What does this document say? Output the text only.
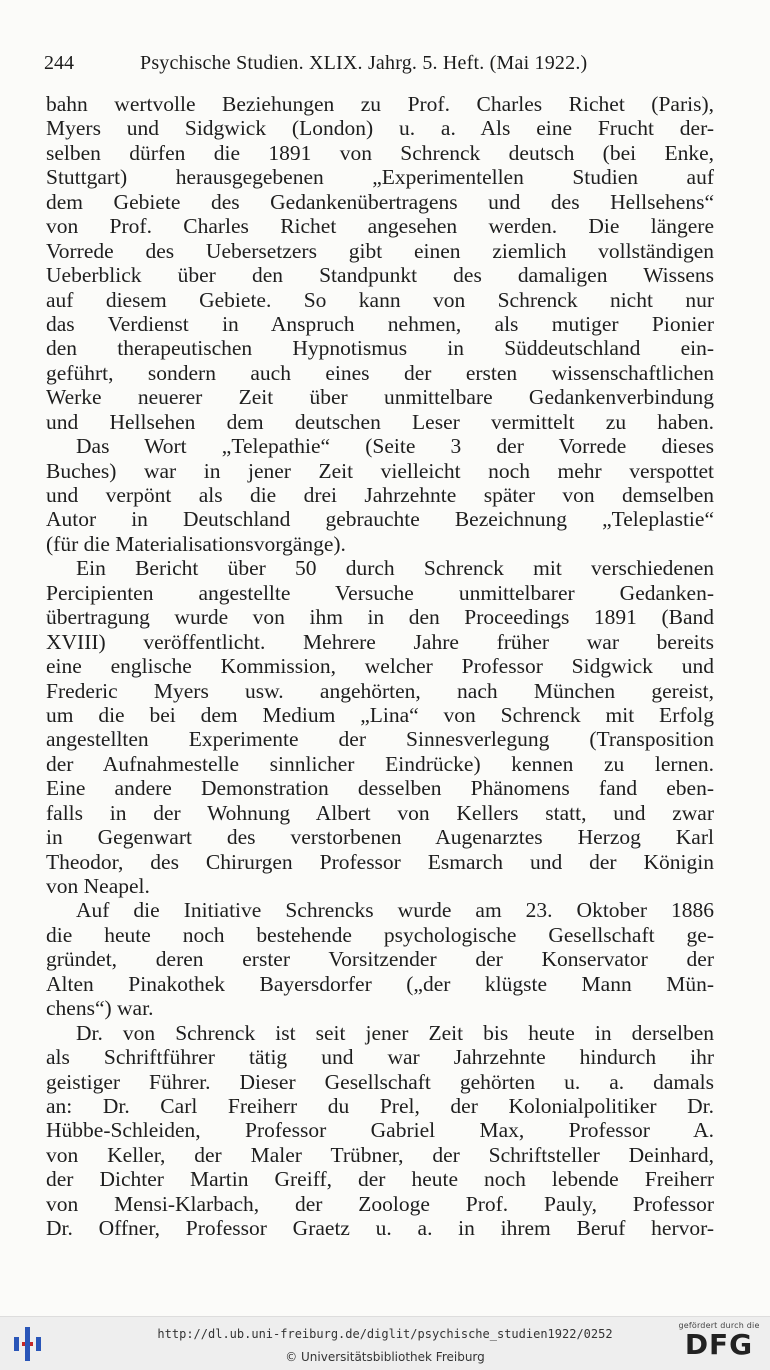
244	Psychische Studien. XLIX. Jahrg. 5. Heft. (Mai 1922.)
bahn wertvolle Beziehungen zu Prof. Charles Richet (Paris),
Myers und Sidgwick (London) u. a. Als eine Frucht der-
selben dürfen die 1891 von Schrenck deutsch (bei Enke,
Stuttgart) herausgegebenen „Experimentellen Studien auf
dem Gebiete des Gedankenübertragens und des Hellsehens“
von Prof. Charles Richet angesehen werden. Die längere
Vorrede des Uebersetzers gibt einen ziemlich vollständigen
Ueberblick über den Standpunkt des damaligen Wissens
auf diesem Gebiete. So kann von Schrenck nicht nur
das Verdienst in Anspruch nehmen, als mutiger Pionier
den therapeutischen Hypnotismus in Süddeutschland ein-
geführt, sondern auch eines der ersten wissenschaftlichen
Werke neuerer Zeit über unmittelbare Gedankenverbindung
und Hellsehen dem deutschen Leser vermittelt zu haben.
Das Wort „Telepathie“ (Seite 3 der Vorrede dieses
Buches) war in jener Zeit vielleicht noch mehr verspottet
und verpönt als die drei Jahrzehnte später von demselben
Autor in Deutschland gebrauchte Bezeichnung „Teleplastie“
(für die Materialisationsvorgänge).
Ein Bericht über 50 durch Schrenck mit verschiedenen
Percipienten angestellte Versuche unmittelbarer Gedanken-
übertragung wurde von ihm in den Proceedings 1891 (Band
XVIII) veröffentlicht. Mehrere Jahre früher war bereits
eine englische Kommission, welcher Professor Sidgwick und
Frederic Myers usw. angehörten, nach München gereist,
um die bei dem Medium „Lina“ von Schrenck mit Erfolg
angestellten Experimente der Sinnesverlegung (Transposition
der Aufnahmestelle sinnlicher Eindrücke) kennen zu lernen.
Eine andere Demonstration desselben Phänomens fand eben-
falls in der Wohnung Albert von Kellers statt, und zwar
in Gegenwart des verstorbenen Augenarztes Herzog Karl
Theodor, des Chirurgen Professor Esmarch und der Königin
von Neapel.
Auf die Initiative Schrencks wurde am 23. Oktober 1886
die heute noch bestehende psychologische Gesellschaft ge-
gründet, deren erster Vorsitzender der Konservator der
Alten Pinakothek Bayersdorfer („der klügste Mann Mün-
chens“) war.
Dr. von Schrenck ist seit jener Zeit bis heute in derselben
als Schriftführer tätig und war Jahrzehnte hindurch ihr
geistiger Führer. Dieser Gesellschaft gehörten u. a. damals
an: Dr. Carl Freiherr du Prel, der Kolonialpolitiker Dr.
Hübbe-Schleiden, Professor Gabriel Max, Professor A.
von Keller, der Maler Trübner, der Schriftsteller Deinhard,
der Dichter Martin Greiff, der heute noch lebende Freiherr
von Mensi-Klarbach, der Zoologe Prof. Pauly, Professor
Dr. Offner, Professor Graetz u. a. in ihrem Beruf hervor-
http://dl.ub.uni-freiburg.de/diglit/psychische_studien1922/0252
© Universitätsbibliothek Freiburg
gefördert durch die
DFG
